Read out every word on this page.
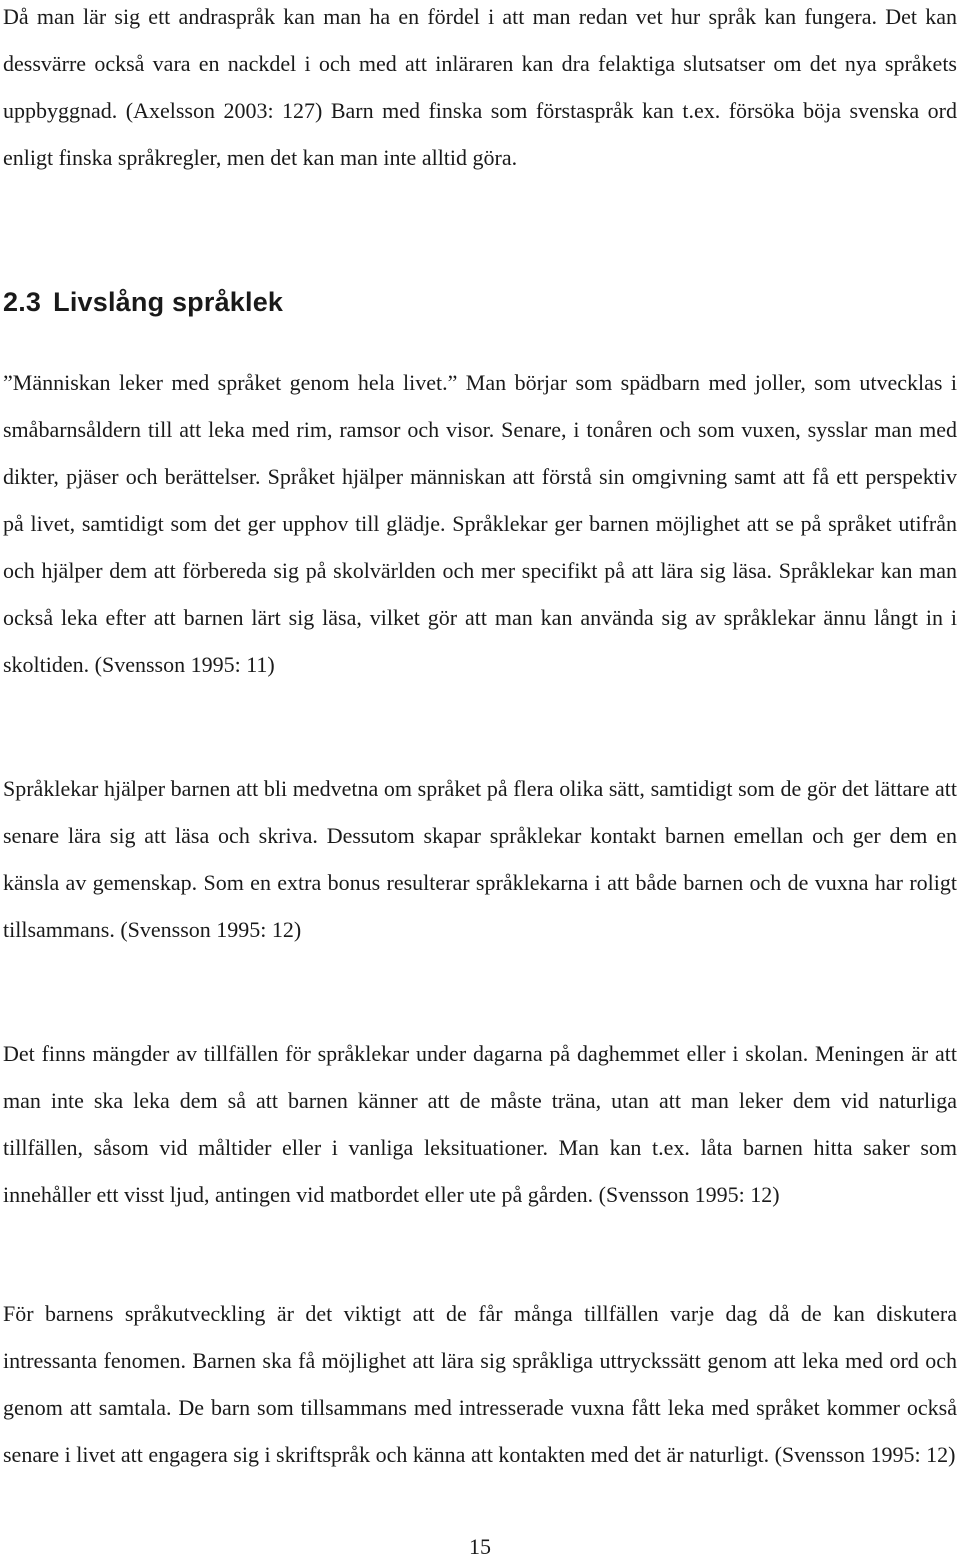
Då man lär sig ett andraspråk kan man ha en fördel i att man redan vet hur språk kan fungera. Det kan dessvärre också vara en nackdel i och med att inläraren kan dra felaktiga slutsatser om det nya språkets uppbyggnad. (Axelsson 2003: 127) Barn med finska som förstaspråk kan t.ex. försöka böja svenska ord enligt finska språkregler, men det kan man inte alltid göra.

2.3 Livslång språklek

”Människan leker med språket genom hela livet.” Man börjar som spädbarn med joller, som utvecklas i småbarnsåldern till att leka med rim, ramsor och visor. Senare, i tonåren och som vuxen, sysslar man med dikter, pjäser och berättelser. Språket hjälper människan att förstå sin omgivning samt att få ett perspektiv på livet, samtidigt som det ger upphov till glädje. Språklekar ger barnen möjlighet att se på språket utifrån och hjälper dem att förbereda sig på skolvärlden och mer specifikt på att lära sig läsa. Språklekar kan man också leka efter att barnen lärt sig läsa, vilket gör att man kan använda sig av språklekar ännu långt in i skoltiden. (Svensson 1995: 11)

Språklekar hjälper barnen att bli medvetna om språket på flera olika sätt, samtidigt som de gör det lättare att senare lära sig att läsa och skriva. Dessutom skapar språklekar kontakt barnen emellan och ger dem en känsla av gemenskap. Som en extra bonus resulterar språklekarna i att både barnen och de vuxna har roligt tillsammans. (Svensson 1995: 12)

Det finns mängder av tillfällen för språklekar under dagarna på daghemmet eller i skolan. Meningen är att man inte ska leka dem så att barnen känner att de måste träna, utan att man leker dem vid naturliga tillfällen, såsom vid måltider eller i vanliga leksituationer. Man kan t.ex. låta barnen hitta saker som innehåller ett visst ljud, antingen vid matbordet eller ute på gården. (Svensson 1995: 12)

För barnens språkutveckling är det viktigt att de får många tillfällen varje dag då de kan diskutera intressanta fenomen. Barnen ska få möjlighet att lära sig språkliga uttryckssätt genom att leka med ord och genom att samtala. De barn som tillsammans med intresserade vuxna fått leka med språket kommer också senare i livet att engagera sig i skriftspråk och känna att kontakten med det är naturligt. (Svensson 1995: 12)

15
